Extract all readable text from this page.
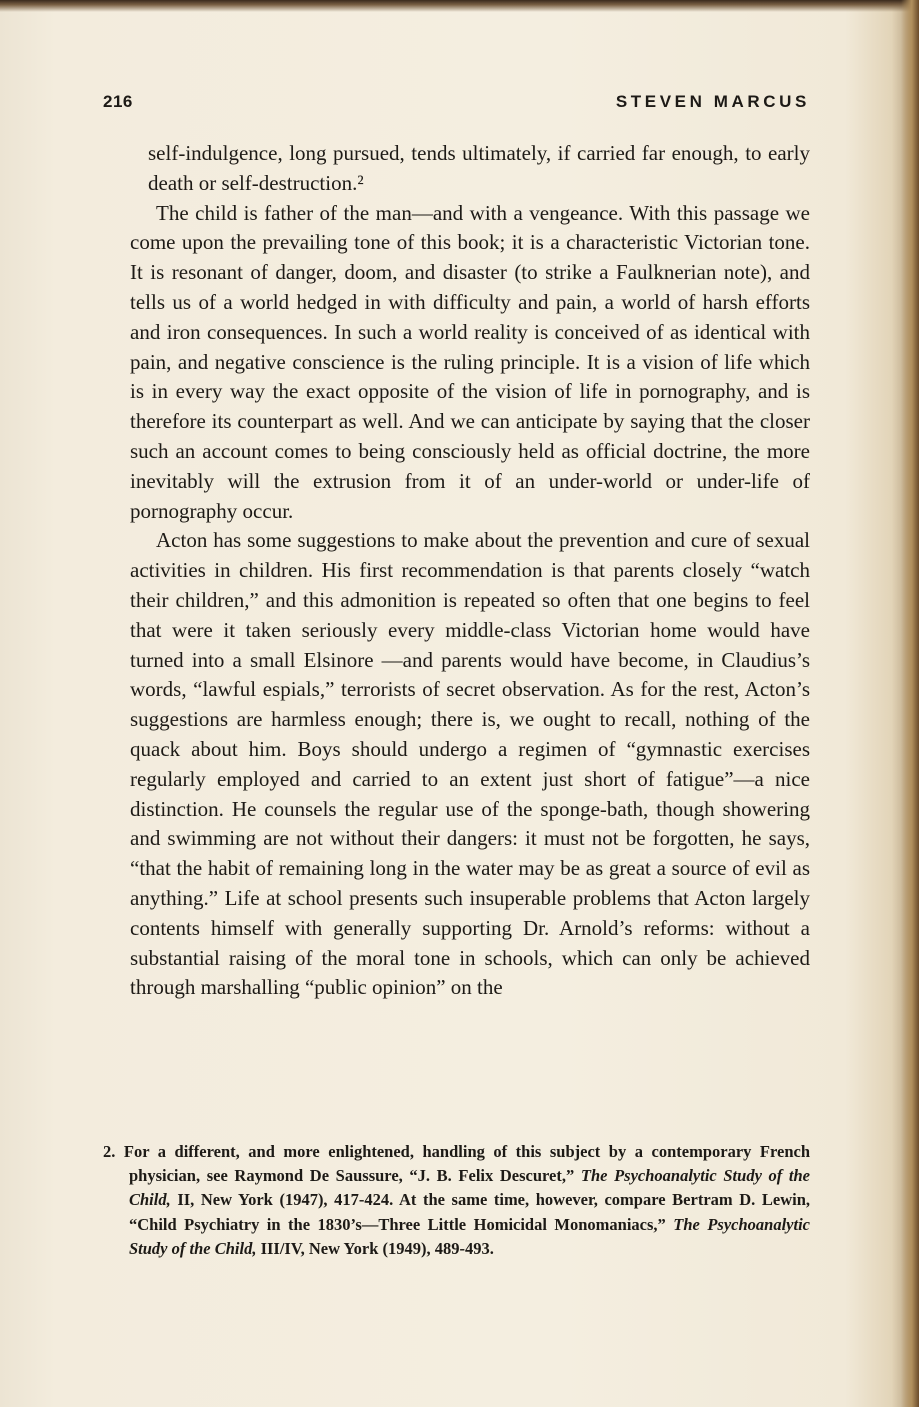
216	STEVEN MARCUS

self-indulgence, long pursued, tends ultimately, if carried far enough, to early death or self-destruction.²

The child is father of the man—and with a vengeance. With this passage we come upon the prevailing tone of this book; it is a characteristic Victorian tone. It is resonant of danger, doom, and disaster (to strike a Faulknerian note), and tells us of a world hedged in with difficulty and pain, a world of harsh efforts and iron consequences. In such a world reality is conceived of as identical with pain, and negative conscience is the ruling principle. It is a vision of life which is in every way the exact opposite of the vision of life in pornography, and is therefore its counterpart as well. And we can anticipate by saying that the closer such an account comes to being consciously held as official doctrine, the more inevitably will the extrusion from it of an under-world or under-life of pornography occur.

Acton has some suggestions to make about the prevention and cure of sexual activities in children. His first recommendation is that parents closely “watch their children,” and this admonition is repeated so often that one begins to feel that were it taken seriously every middle-class Victorian home would have turned into a small Elsinore —and parents would have become, in Claudius’s words, “lawful espials,” terrorists of secret observation. As for the rest, Acton’s suggestions are harmless enough; there is, we ought to recall, nothing of the quack about him. Boys should undergo a regimen of “gymnastic exercises regularly employed and carried to an extent just short of fatigue”—a nice distinction. He counsels the regular use of the sponge-bath, though showering and swimming are not without their dangers: it must not be forgotten, he says, “that the habit of remaining long in the water may be as great a source of evil as anything.” Life at school presents such insuperable problems that Acton largely contents himself with generally supporting Dr. Arnold’s reforms: without a substantial raising of the moral tone in schools, which can only be achieved through marshalling “public opinion” on the

2. For a different, and more enlightened, handling of this subject by a contemporary French physician, see Raymond De Saussure, “J. B. Felix Descuret,” The Psychoanalytic Study of the Child, II, New York (1947), 417-424. At the same time, however, compare Bertram D. Lewin, “Child Psychiatry in the 1830’s—Three Little Homicidal Monomaniacs,” The Psychoanalytic Study of the Child, III/IV, New York (1949), 489-493.
